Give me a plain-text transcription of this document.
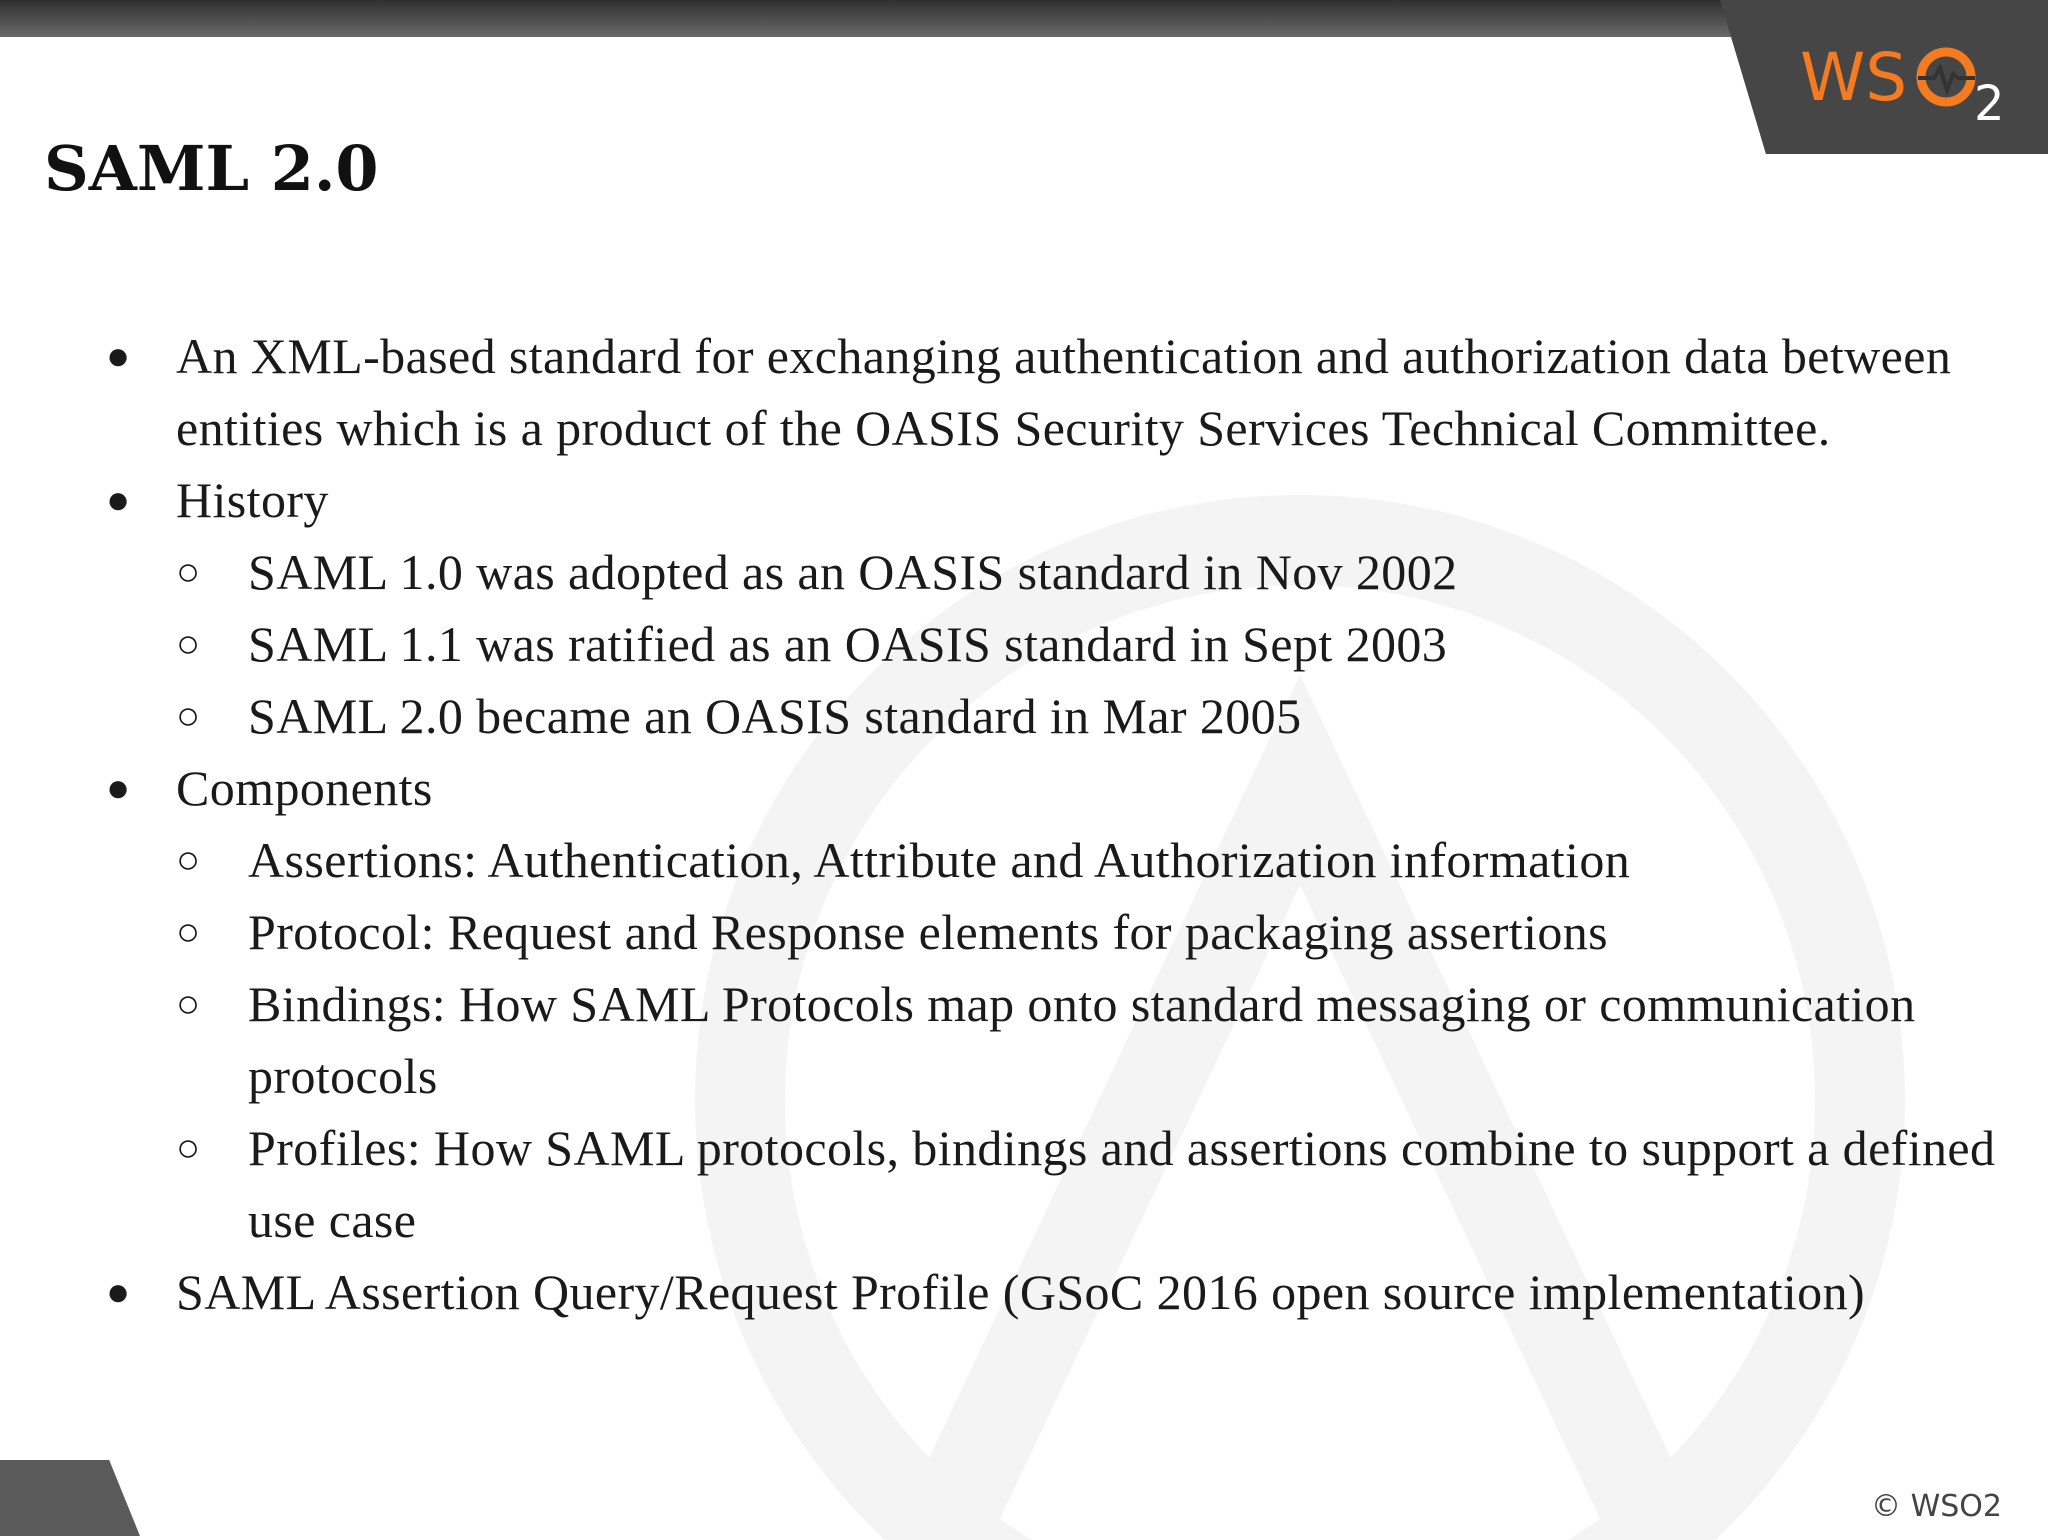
WS 2
SAML 2.0
● An XML-based standard for exchanging authentication and authorization data between entities which is a product of the OASIS Security Services Technical Committee.
● History
○ SAML 1.0 was adopted as an OASIS standard in Nov 2002
○ SAML 1.1 was ratified as an OASIS standard in Sept 2003
○ SAML 2.0 became an OASIS standard in Mar 2005
● Components
○ Assertions: Authentication, Attribute and Authorization information
○ Protocol: Request and Response elements for packaging assertions
○ Bindings: How SAML Protocols map onto standard messaging or communication protocols
○ Profiles: How SAML protocols, bindings and assertions combine to support a defined use case
● SAML Assertion Query/Request Profile (GSoC 2016 open source implementation)
© WSO2
